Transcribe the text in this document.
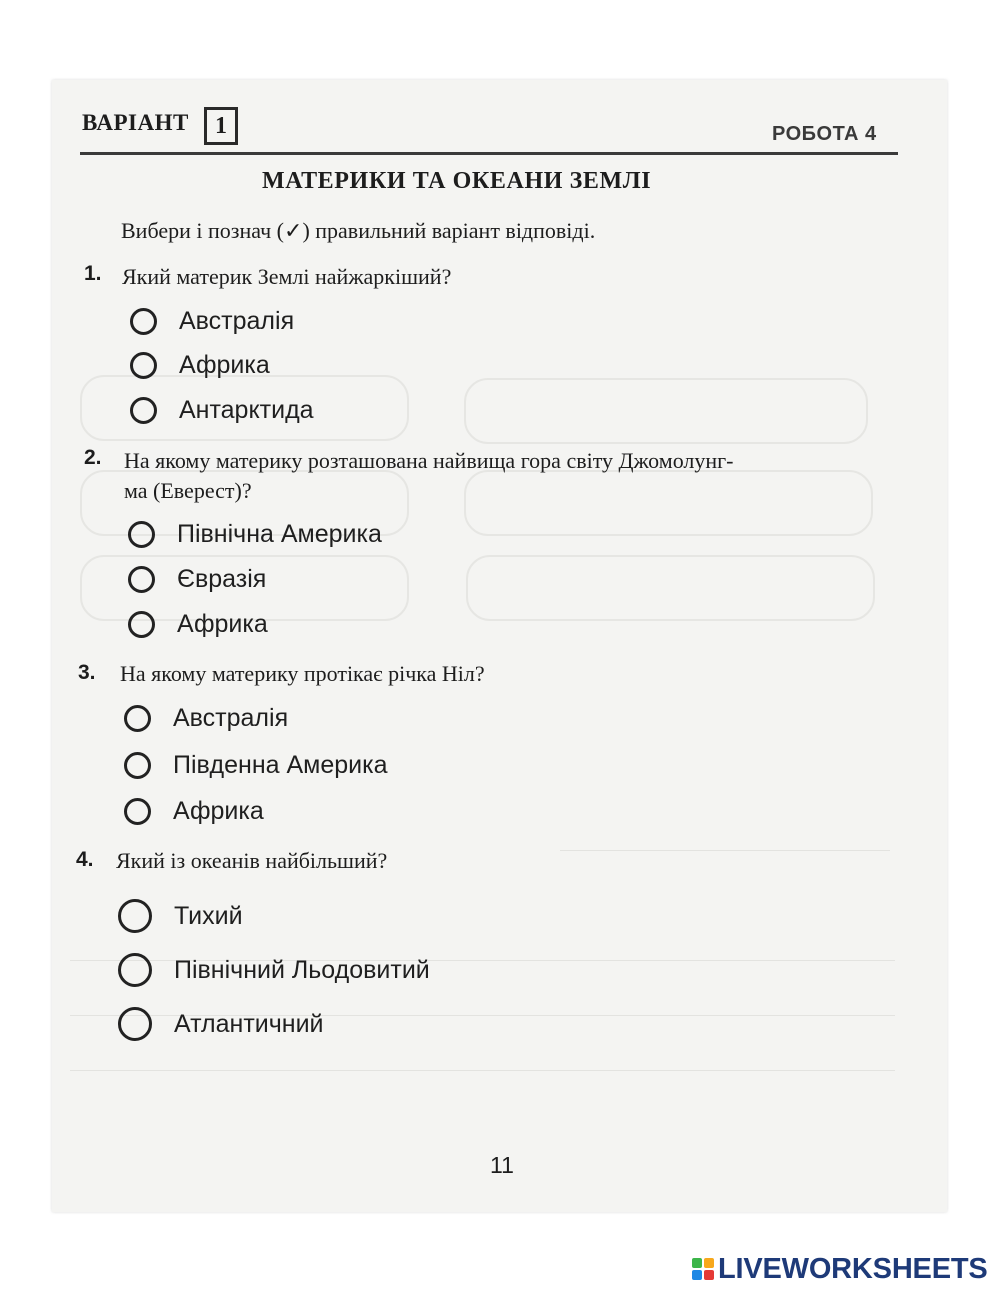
ВАРІАНТ	1	РОБОТА 4
МАТЕРИКИ ТА ОКЕАНИ ЗЕМЛІ
Вибери і познач (✓) правильний варіант відповіді.
1. Який материк Землі найжаркіший?
Австралія
Африка
Антарктида
2. На якому материку розташована найвища гора світу Джомолунг-
ма (Еверест)?
Північна Америка
Євразія
Африка
3. На якому материку протікає річка Ніл?
Австралія
Південна Америка
Африка
4. Який із океанів найбільший?
Тихий
Північний Льодовитий
Атлантичний
11
LIVEWORKSHEETS
